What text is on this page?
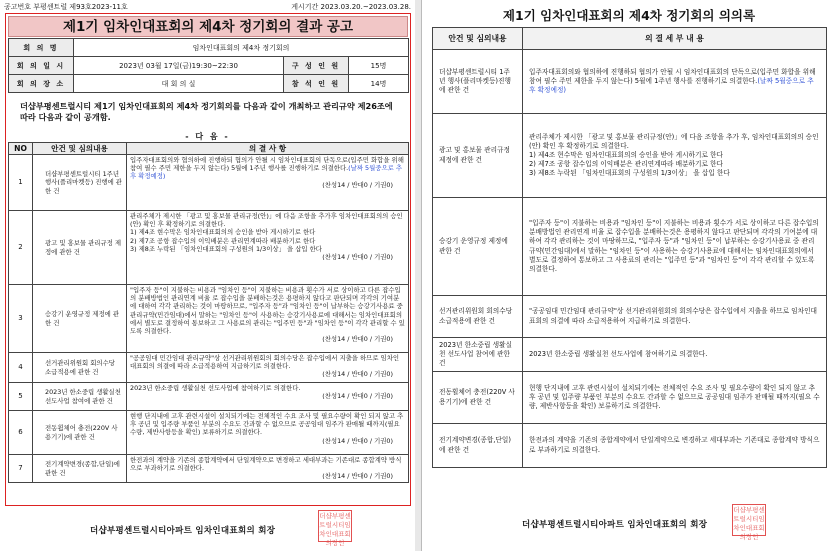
공고번호 부평센트럴 제93호2023-11호	게시기간 2023.03.20.~2023.03.28.
제1기 임차인대표회의 제4차 정기회의 결과 공고
회 의 명	임차인대표회의 제4차 정기회의		
회 의 일 시	2023년 03월 17일(금)19:30~22:30	구 성 인 원	15명
회 의 장 소	대 회 의 실	참 석 인 원	14명
더샵부평센트럴시티 제1기 임차인대표회의 제4차 정기회의를 다음과 같이 개최하고 관리규약 제26조에 따라 다음과 같이 공개함.
- 다 음 -
NO	안건 및 심의내용	의 결 사 항
1	더샵부평센트럴시티 1주년 행사(플리마켓등) 진행에 관한 건	입주자대표회의와 협의하에 진행하되 협의가 안될 시 임차인대표회의 단독으로(입주민 화합을 위해 참여 필수 주민 제한을 두지 않는다) 5월에 1주년 행사를 진행하기로 의결한다.(날짜 5월중으로 추후 확정예정)
(찬성14 / 반대0 / 기권0)

2	광고 및 홍보물 관리규정 제정에 관한 건	관리주체가 제시한 「광고 및 홍보물 관리규정(안)」에 다음 조항을 추가후 임차인대표회의의 승인(안) 확인 후 확정하기로 의결한다.
1) 제4조 현수막은 임차인대표회의의 승인을 받아 게시하기로 한다
2) 제7조 공항 잡수입의 이익배분은 관리연계따라 배분하기로 한다
3) 제8조 누락된 「임차인대표회의 구성원의 1/3이상」 을 삽입 한다
(찬성14 / 반대0 / 기권0)

3	승강기 운영규정 제정에 관한 건	"입주자 등"이 지불하는 비용과 "임차인 등"이 지불하는 비용과 횟수가 서로 상이하고 다른 잡수입의 분배방법인 관리연계 비율 로 잡수입을 분배하는것은 용평하지 않다고 판단되며 각각의 기여분에 대하여 각각 관리하는 것이 마땅하므로, "입주자 등"과 "임차인 등"이 납부하는 승강기사용료 중 관리규약(민간임대)에서 말하는 "임차인 등"이 사용하는 승강기사용료에 대해서는 임차인대표회의에서 별도로 결정하여 통보하고 그 사용료의 관리는 "입주민 등"과 "임차인 등"이 각각 관리할 수 있도록 의결한다.
(찬성14 / 반대0 / 기권0)

4	선거관리위원회 회의수당 소급적용에 관한 건	"공공임대 민간임대 관리규약"상 선거관리위원회의 회의수당은 잡수입에서 지출을 하므로 임차인대표회의 의결에 따라 소급적용하여 지급하기로 의결한다.
(찬성14 / 반대0 / 기권0)

5	2023년 한소중립 생활실천 선도사업 참여에 관한 건	2023년 한소중립 생활실천 선도사업에 참여하기로 의결한다.
(찬성14 / 반대0 / 기권0)

6	전동휠체어 충전(220V 사용기기)에 관한 건	현행 단지내에 고후 관련시설이 설치되기에는 전체적인 수요 조사 및 필요수량이 확인 되지 않고 추후 공년 및 입주량 부품인 부분의 수요도 간과할 수 없으므로 공공임대 임주가 판매될 때까지(필요 수량, 제반사항등을 확인) 보류하기로 의결한다.
(찬성14 / 반대0 / 기권0)

7	전기계약변경(종합,단일)에 관한 건	한전과의 계약을 기존의 종합계약에서 단일계약으로 변경하고 세대부과는 기존대로 종합계약 방식으로 부과하기로 의결한다.
(찬성14 / 반대0 / 기권0)
더샵부평센트럴시티아파트 임차인대표회의 회장
더샵부평센트럴시티임차인대표회의장인
제1기 임차인대표회의 제4차 정기회의 의의록
안건 및 심의내용	의 결 세 부 내 용
더샵부평센트럴시티 1주년 행사(플리마켓등)진행에 관한 건	입주자대표회의와 협의하에 진행하되 협의가 안될 시 임차인대표회의 단독으로(입주민 화합을 위해 참여 필수 주민 제한을 두지 않는다) 5월에 1주년 행사를 진행하기로 의결한다.(날짜 5월중으로 추후 확정예정)
광고 및 홍보물 관리규정 제정에 관한 건	관리주체가 제시한 「광고 및 홍보물 관리규정(안)」에 다음 조항을 추가 후, 임차인대표회의의 승인(안) 확인 후 확정하기로 의결한다.
1) 제4조 현수막은 임차인대표회의의 승인을 받아 게시하기로 한다
2) 제7조 공항 잡수입의 이익배분은 관리연계따라 배분하기로 한다
3) 제8조 누락된 「임차인대표회의 구성원의 1/3이상」 을 삽입 한다
승강기 운영규정 제정에 관한 건	"입주자 등"이 지불하는 비용과 "임차인 등"이 지불하는 비용과 횟수가 서로 상이하고 다른 잡수입의 분배방법인 관리연계 비율 로 잡수입을 분배하는것은 용평하지 않다고 판단되며 각각의 기여분에 대하여 각각 관리하는 것이 마땅하므로, "입주자 등"과 "임차인 등"이 납부하는 승강기사용료 중 관리규약(민간임대)에서 말하는 "임차인 등"이 사용하는 승강기사용료에 대해서는 임차인대표회의에서 별도로 결정하여 통보하고 그 사용료의 관리는 "입주민 등"과 "임차인 등"이 각각 관리할 수 있도록 의결한다.
선거관리위원회 회의수당 소급적용에 관한 건	"공공임대 민간임대 관리규약"상 선거관리위원회의 회의수당은 잡수입에서 지출을 하므로 임차인대표회의 의결에 따라 소급적용하여 지급하기로 의결한다.
2023년 한소중립 생활실천 선도사업 참여에 관한 건	2023년 한소중립 생활실천 선도사업에 참여하기로 의결한다.
전동휠체어 충전(220V 사용기기)에 관한 건	현행 단지내에 고후 관련시설이 설치되기에는 전체적인 수요 조사 및 필요수량이 확인 되지 않고 추후 공년 및 입주량 부품인 부분의 수요도 간과할 수 없으므로 공공임대 임주가 판매될 때까지(필요 수량, 제반사항등을 확인) 보류하기로 의결한다.
전기계약변경(종합,단일)에 관한 건	한전과의 계약을 기존의 종합계약에서 단일계약으로 변경하고 세대부과는 기존대로 종합계약 방식으로 부과하기로 의결한다.
더샵부평센트럴시티아파트 임차인대표회의 회장
더샵부평센트럴시티임차인대표회의장인
